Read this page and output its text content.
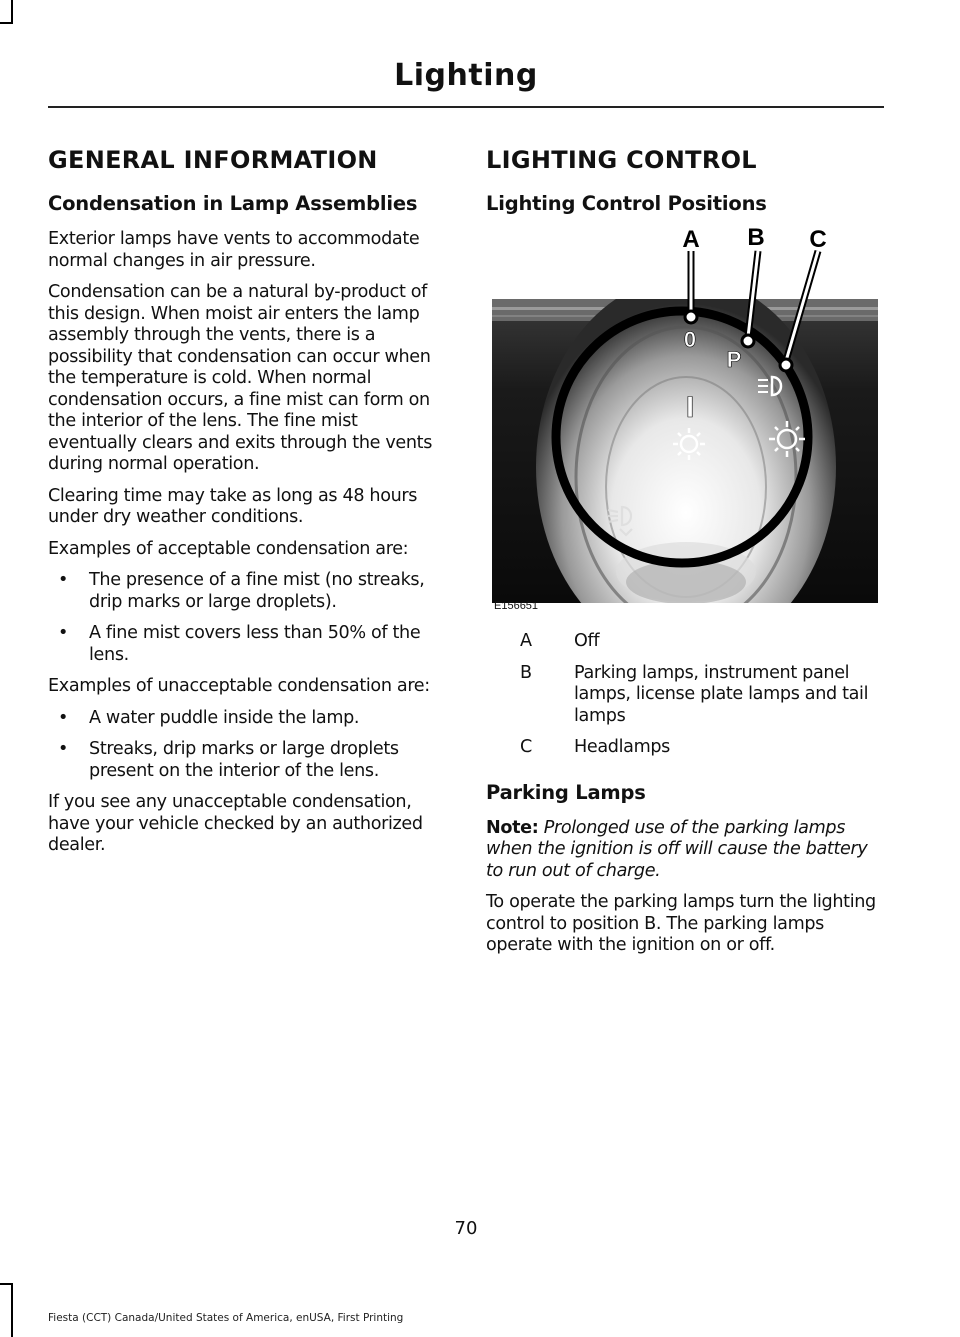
Lighting
GENERAL INFORMATION
Condensation in Lamp Assemblies

Exterior lamps have vents to accommodate normal changes in air pressure.

Condensation can be a natural by-product of this design. When moist air enters the lamp assembly through the vents, there is a possibility that condensation can occur when the temperature is cold. When normal condensation occurs, a fine mist can form on the interior of the lens. The fine mist eventually clears and exits through the vents during normal operation.

Clearing time may take as long as 48 hours under dry weather conditions.

Examples of acceptable condensation are:

• The presence of a fine mist (no streaks, drip marks or large droplets).
• A fine mist covers less than 50% of the lens.

Examples of unacceptable condensation are:

• A water puddle inside the lamp.
• Streaks, drip marks or large droplets present on the interior of the lens.

If you see any unacceptable condensation, have your vehicle checked by an authorized dealer.

LIGHTING CONTROL
Lighting Control Positions
A B C
0
P
I
E156651
A	Off
B	Parking lamps, instrument panel lamps, license plate lamps and tail lamps
C	Headlamps
Parking Lamps

Note: Prolonged use of the parking lamps when the ignition is off will cause the battery to run out of charge.

To operate the parking lamps turn the lighting control to position B. The parking lamps operate with the ignition on or off.

70
Fiesta (CCT) Canada/United States of America, enUSA, First Printing
